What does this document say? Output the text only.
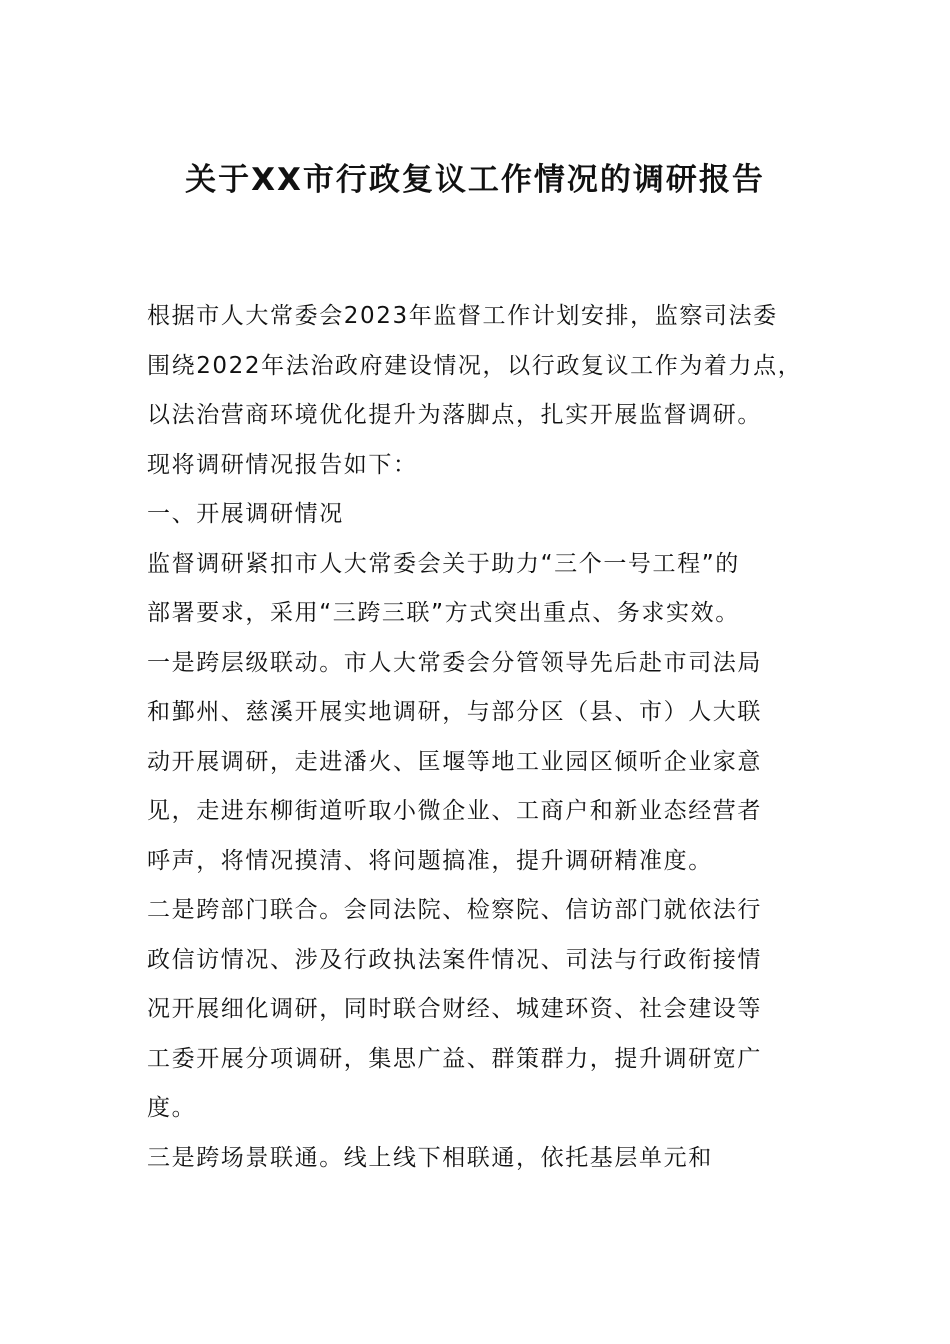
关于XX市行政复议工作情况的调研报告
根据市人大常委会2023年监督工作计划安排，监察司法委
围绕2022年法治政府建设情况，以行政复议工作为着力点，
以法治营商环境优化提升为落脚点，扎实开展监督调研。
现将调研情况报告如下：
一、开展调研情况
监督调研紧扣市人大常委会关于助力“三个一号工程”的
部署要求，采用“三跨三联”方式突出重点、务求实效。
一是跨层级联动。市人大常委会分管领导先后赴市司法局
和鄞州、慈溪开展实地调研，与部分区（县、市）人大联
动开展调研，走进潘火、匡堰等地工业园区倾听企业家意
见，走进东柳街道听取小微企业、工商户和新业态经营者
呼声，将情况摸清、将问题搞准，提升调研精准度。
二是跨部门联合。会同法院、检察院、信访部门就依法行
政信访情况、涉及行政执法案件情况、司法与行政衔接情
况开展细化调研，同时联合财经、城建环资、社会建设等
工委开展分项调研，集思广益、群策群力，提升调研宽广
度。
三是跨场景联通。线上线下相联通，依托基层单元和
